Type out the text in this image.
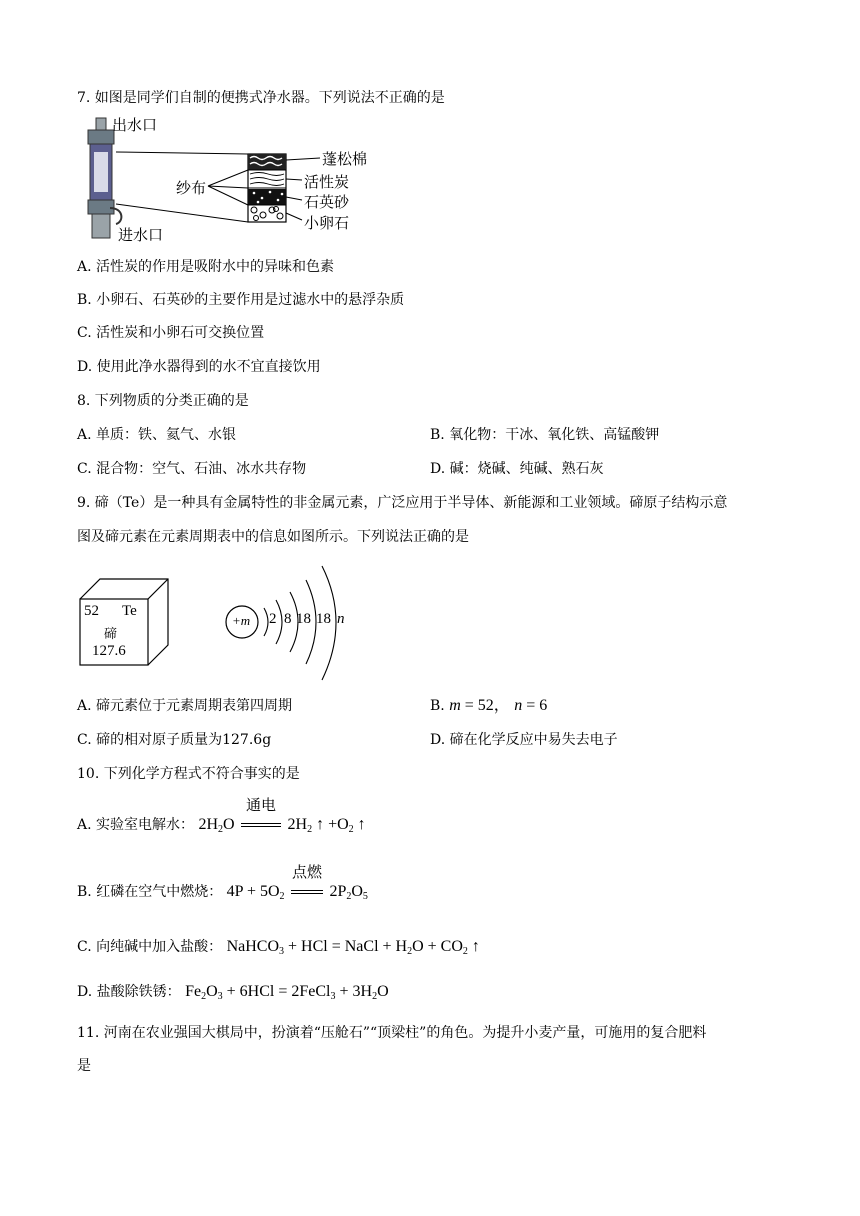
7. 如图是同学们自制的便携式净水器。下列说法不正确的是
出水口
进水口
纱布
蓬松棉
活性炭
石英砂
小卵石
A. 活性炭的作用是吸附水中的异味和色素
B. 小卵石、石英砂的主要作用是过滤水中的悬浮杂质
C. 活性炭和小卵石可交换位置
D. 使用此净水器得到的水不宜直接饮用
8. 下列物质的分类正确的是
A. 单质：铁、氦气、水银	B. 氧化物：干冰、氧化铁、高锰酸钾
C. 混合物：空气、石油、冰水共存物	D. 碱：烧碱、纯碱、熟石灰
9. 碲（Te）是一种具有金属特性的非金属元素，广泛应用于半导体、新能源和工业领域。碲原子结构示意
图及碲元素在元素周期表中的信息如图所示。下列说法正确的是
52 Te
碲
127.6
+m 2 8 18 18 n
A. 碲元素位于元素周期表第四周期	B. m = 52， n = 6
C. 碲的相对原子质量为127.6g	D. 碲在化学反应中易失去电子
10. 下列化学方程式不符合事实的是
A. 实验室电解水： $2H_2O$
通电
$2H_2$ ↑ $+O_2$ ↑
B. 红磷在空气中燃烧： $4P + 5O_2$
点燃
$2P_2O_5$
C. 向纯碱中加入盐酸： NaHCO$_3$ + HCl = NaCl + $H_2O + CO_2$ ↑
D. 盐酸除铁锈： $Fe_2O_3 + 6HCl$ = 2FeCl$_3$ + $3H_2O$
11. 河南在农业强国大棋局中，扮演着“压舱石”“顶梁柱”的角色。为提升小麦产量，可施用的复合肥料
是
